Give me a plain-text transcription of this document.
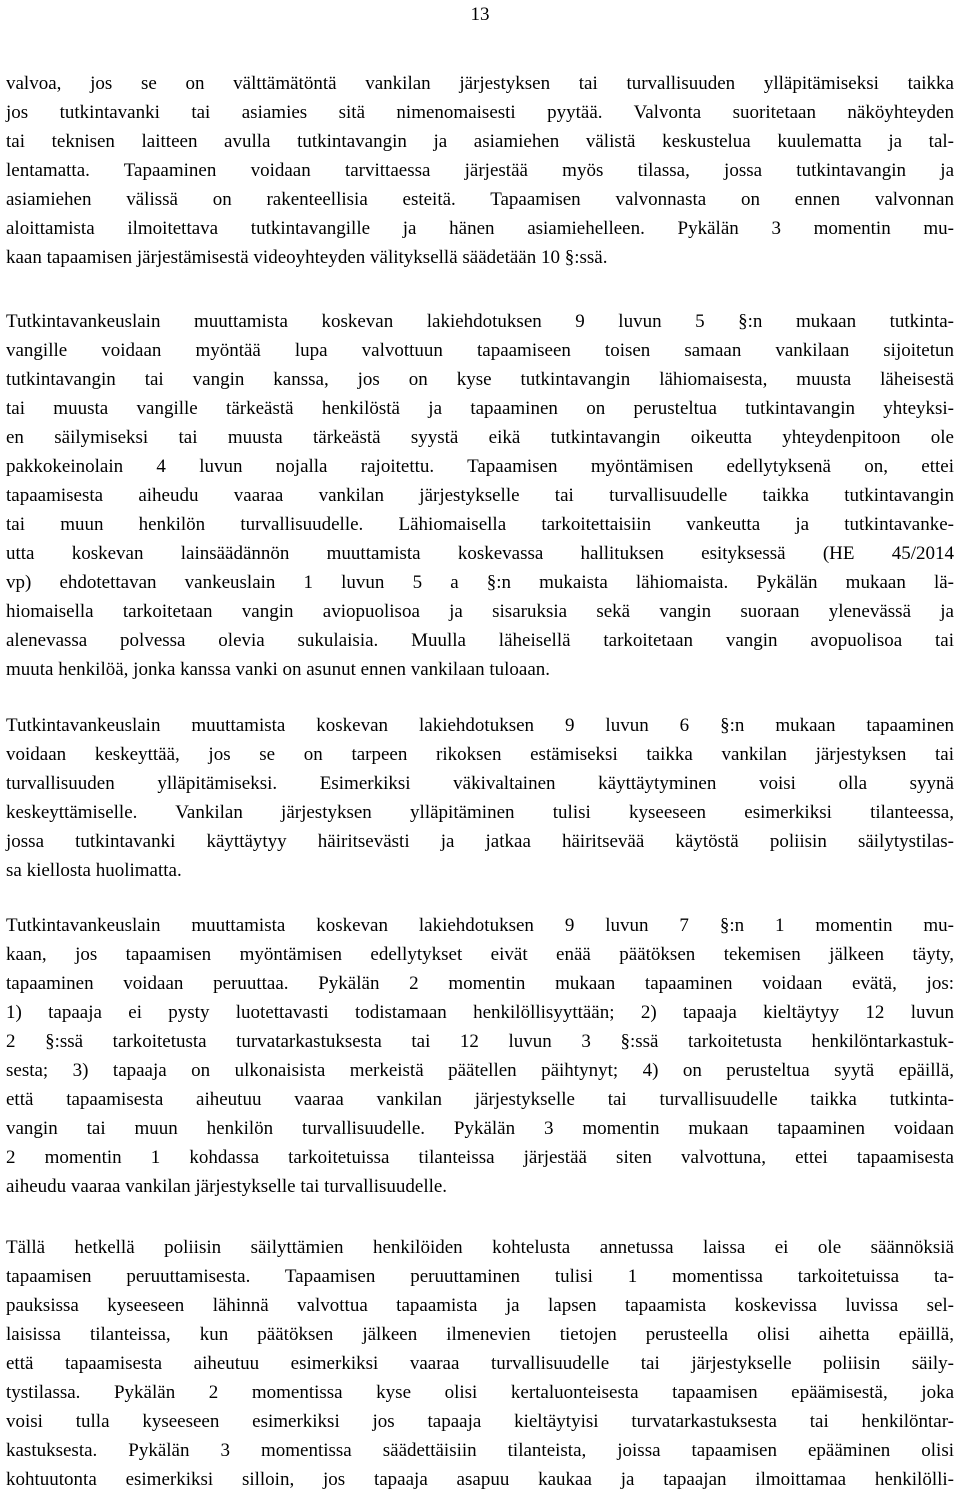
13
valvoa, jos se on välttämätöntä vankilan järjestyksen tai turvallisuuden ylläpitämiseksi taikka
jos tutkintavanki tai asiamies sitä nimenomaisesti pyytää. Valvonta suoritetaan näköyhteyden
tai teknisen laitteen avulla tutkintavangin ja asiamiehen välistä keskustelua kuulematta ja tal-
lentamatta. Tapaaminen voidaan tarvittaessa järjestää myös tilassa, jossa tutkintavangin ja
asiamiehen välissä on rakenteellisia esteitä. Tapaamisen valvonnasta on ennen valvonnan
aloittamista ilmoitettava tutkintavangille ja hänen asiamiehelleen. Pykälän 3 momentin mu-
kaan tapaamisen järjestämisestä videoyhteyden välityksellä säädetään 10 §:ssä.
Tutkintavankeuslain muuttamista koskevan lakiehdotuksen 9 luvun 5 §:n mukaan tutkinta-
vangille voidaan myöntää lupa valvottuun tapaamiseen toisen samaan vankilaan sijoitetun
tutkintavangin tai vangin kanssa, jos on kyse tutkintavangin lähiomaisesta, muusta läheisestä
tai muusta vangille tärkeästä henkilöstä ja tapaaminen on perusteltua tutkintavangin yhteyksi-
en säilymiseksi tai muusta tärkeästä syystä eikä tutkintavangin oikeutta yhteydenpitoon ole
pakkokeinolain 4 luvun nojalla rajoitettu. Tapaamisen myöntämisen edellytyksenä on, ettei
tapaamisesta aiheudu vaaraa vankilan järjestykselle tai turvallisuudelle taikka tutkintavangin
tai muun henkilön turvallisuudelle. Lähiomaisella tarkoitettaisiin vankeutta ja tutkintavanke-
utta koskevan lainsäädännön muuttamista koskevassa hallituksen esityksessä (HE 45/2014
vp) ehdotettavan vankeuslain 1 luvun 5 a §:n mukaista lähiomaista. Pykälän mukaan lä-
hiomaisella tarkoitetaan vangin aviopuolisoa ja sisaruksia sekä vangin suoraan ylenevässä ja
alenevassa polvessa olevia sukulaisia. Muulla läheisellä tarkoitetaan vangin avopuolisoa tai
muuta henkilöä, jonka kanssa vanki on asunut ennen vankilaan tuloaan.
Tutkintavankeuslain muuttamista koskevan lakiehdotuksen 9 luvun 6 §:n mukaan tapaaminen
voidaan keskeyttää, jos se on tarpeen rikoksen estämiseksi taikka vankilan järjestyksen tai
turvallisuuden ylläpitämiseksi. Esimerkiksi väkivaltainen käyttäytyminen voisi olla syynä
keskeyttämiselle. Vankilan järjestyksen ylläpitäminen tulisi kyseeseen esimerkiksi tilanteessa,
jossa tutkintavanki käyttäytyy häiritsevästi ja jatkaa häiritsevää käytöstä poliisin säilytystilas-
sa kiellosta huolimatta.
Tutkintavankeuslain muuttamista koskevan lakiehdotuksen 9 luvun 7 §:n 1 momentin mu-
kaan, jos tapaamisen myöntämisen edellytykset eivät enää päätöksen tekemisen jälkeen täyty,
tapaaminen voidaan peruuttaa. Pykälän 2 momentin mukaan tapaaminen voidaan evätä, jos:
1) tapaaja ei pysty luotettavasti todistamaan henkilöllisyyttään; 2) tapaaja kieltäytyy 12 luvun
2 §:ssä tarkoitetusta turvatarkastuksesta tai 12 luvun 3 §:ssä tarkoitetusta henkilöntarkastuk-
sesta; 3) tapaaja on ulkonaisista merkeistä päätellen päihtynyt; 4) on perusteltua syytä epäillä,
että tapaamisesta aiheutuu vaaraa vankilan järjestykselle tai turvallisuudelle taikka tutkinta-
vangin tai muun henkilön turvallisuudelle. Pykälän 3 momentin mukaan tapaaminen voidaan
2 momentin 1 kohdassa tarkoitetuissa tilanteissa järjestää siten valvottuna, ettei tapaamisesta
aiheudu vaaraa vankilan järjestykselle tai turvallisuudelle.
Tällä hetkellä poliisin säilyttämien henkilöiden kohtelusta annetussa laissa ei ole säännöksiä
tapaamisen peruuttamisesta. Tapaamisen peruuttaminen tulisi 1 momentissa tarkoitetuissa ta-
pauksissa kyseeseen lähinnä valvottua tapaamista ja lapsen tapaamista koskevissa luvissa sel-
laisissa tilanteissa, kun päätöksen jälkeen ilmenevien tietojen perusteella olisi aihetta epäillä,
että tapaamisesta aiheutuu esimerkiksi vaaraa turvallisuudelle tai järjestykselle poliisin säily-
tystilassa. Pykälän 2 momentissa kyse olisi kertaluonteisesta tapaamisen epäämisestä, joka
voisi tulla kyseeseen esimerkiksi jos tapaaja kieltäytyisi turvatarkastuksesta tai henkilöntar-
kastuksesta. Pykälän 3 momentissa säädettäisiin tilanteista, joissa tapaamisen epääminen olisi
kohtuutonta esimerkiksi silloin, jos tapaaja asapuu kaukaa ja tapaajan ilmoittamaa henkilölli-
